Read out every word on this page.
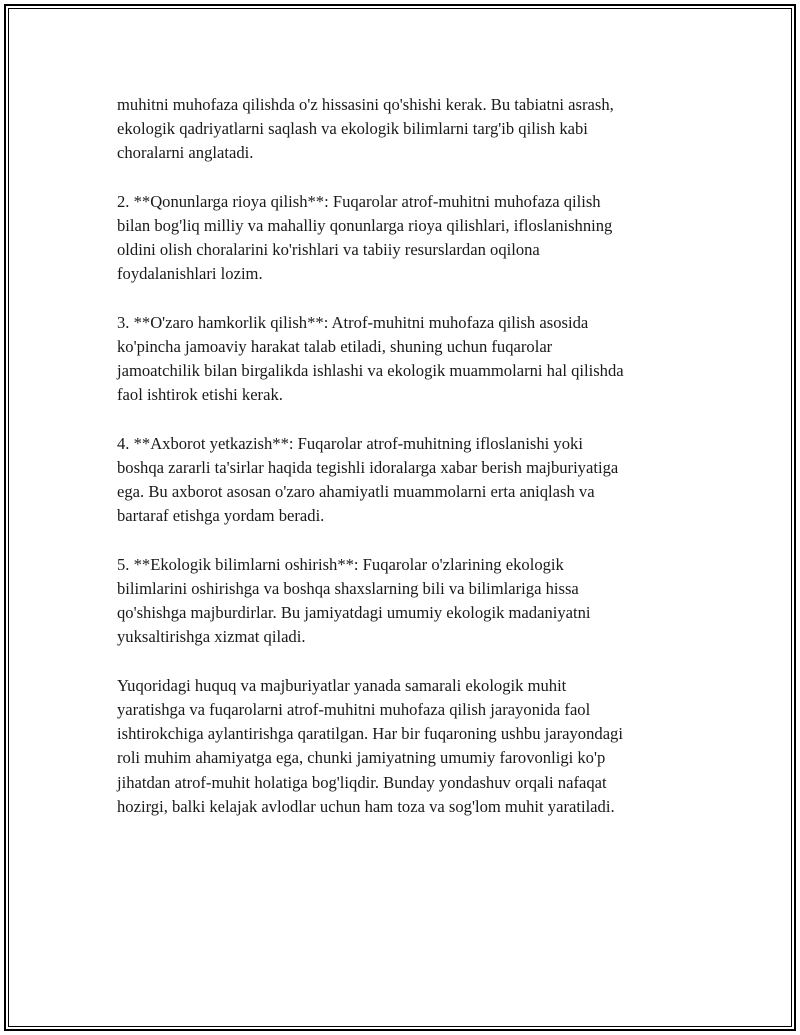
muhitni muhofaza qilishda o'z hissasini qo'shishi kerak. Bu tabiatni asrash,
ekologik qadriyatlarni saqlash va ekologik bilimlarni targ'ib qilish kabi
choralarni anglatadi.

2. **Qonunlarga rioya qilish**: Fuqarolar atrof-muhitni muhofaza qilish
bilan bog'liq milliy va mahalliy qonunlarga rioya qilishlari, ifloslanishning
oldini olish choralarini ko'rishlari va tabiiy resurslardan oqilona
foydalanishlari lozim.

3. **O'zaro hamkorlik qilish**: Atrof-muhitni muhofaza qilish asosida
ko'pincha jamoaviy harakat talab etiladi, shuning uchun fuqarolar
jamoatchilik bilan birgalikda ishlashi va ekologik muammolarni hal qilishda
faol ishtirok etishi kerak.

4. **Axborot yetkazish**: Fuqarolar atrof-muhitning ifloslanishi yoki
boshqa zararli ta'sirlar haqida tegishli idoralarga xabar berish majburiyatiga
ega. Bu axborot asosan o'zaro ahamiyatli muammolarni erta aniqlash va
bartaraf etishga yordam beradi.

5. **Ekologik bilimlarni oshirish**: Fuqarolar o'zlarining ekologik
bilimlarini oshirishga va boshqa shaxslarning bili va bilimlariga hissa
qo'shishga majburdirlar. Bu jamiyatdagi umumiy ekologik madaniyatni
yuksaltirishga xizmat qiladi.

Yuqoridagi huquq va majburiyatlar yanada samarali ekologik muhit
yaratishga va fuqarolarni atrof-muhitni muhofaza qilish jarayonida faol
ishtirokchiga aylantirishga qaratilgan. Har bir fuqaroning ushbu jarayondagi
roli muhim ahamiyatga ega, chunki jamiyatning umumiy farovonligi ko'p
jihatdan atrof-muhit holatiga bog'liqdir. Bunday yondashuv orqali nafaqat
hozirgi, balki kelajak avlodlar uchun ham toza va sog'lom muhit yaratiladi.
